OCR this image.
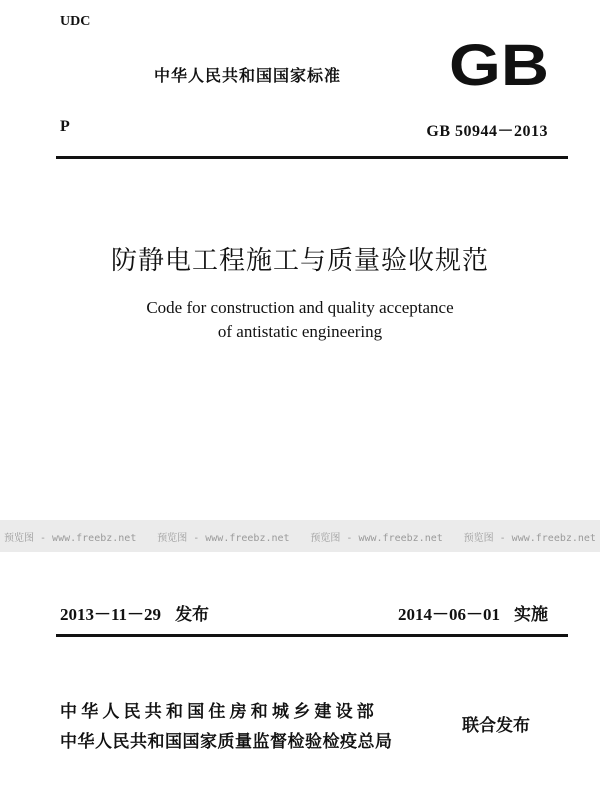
UDC
中华人民共和国国家标准 GB
P	GB 50944－2013
防静电工程施工与质量验收规范
Code for construction and quality acceptance
of antistatic engineering
预览图 - www.freebz.net 预览图 - www.freebz.net 预览图 - www.freebz.net 预览图 - www.freebz.net
2013－11－29 发布	2014－06－01 实施
中华人民共和国住房和城乡建设部
中华人民共和国国家质量监督检验检疫总局
联合发布
